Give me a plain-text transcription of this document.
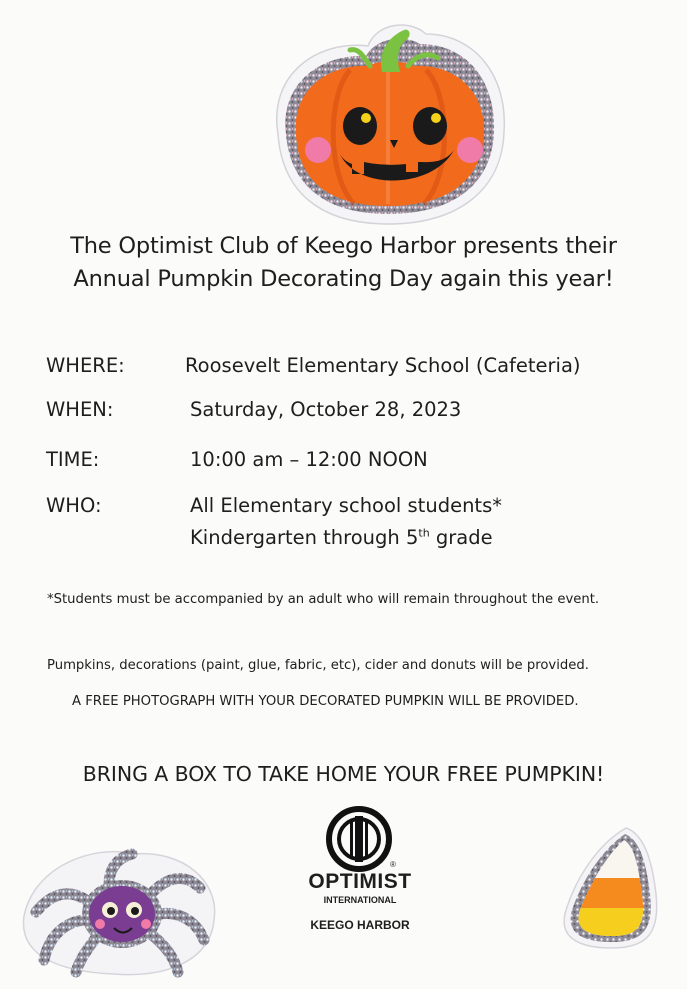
The Optimist Club of Keego Harbor presents their
Annual Pumpkin Decorating Day again this year!
WHERE:	Roosevelt Elementary School (Cafeteria)
WHEN:	Saturday, October 28, 2023
TIME:	10:00 am – 12:00 NOON
WHO:	All Elementary school students*
Kindergarten through 5th grade
*Students must be accompanied by an adult who will remain throughout the event.
Pumpkins, decorations (paint, glue, fabric, etc), cider and donuts will be provided.
A FREE PHOTOGRAPH WITH YOUR DECORATED PUMPKIN WILL BE PROVIDED.
BRING A BOX TO TAKE HOME YOUR FREE PUMPKIN!
®
OPTIMIST
INTERNATIONAL
KEEGO HARBOR
